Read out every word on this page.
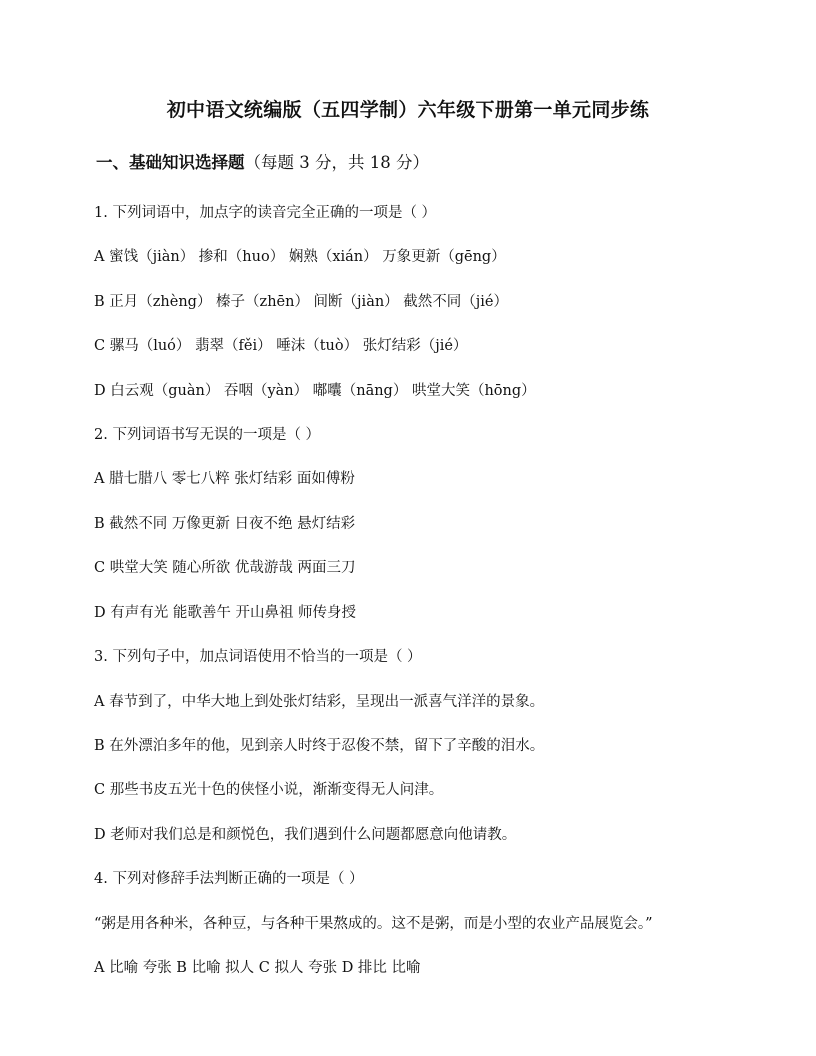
初中语文统编版（五四学制）六年级下册第一单元同步练
一、基础知识选择题（每题 3 分，共 18 分）
1. 下列词语中，加点字的读音完全正确的一项是（ ）
A 蜜饯（jiàn） 掺和（huo） 娴熟（xián） 万象更新（gēng）
B 正月（zhèng） 榛子（zhēn） 间断（jiàn） 截然不同（jié）
C 骡马（luó） 翡翠（fěi） 唾沫（tuò） 张灯结彩（jié）
D 白云观（guàn） 吞咽（yàn） 嘟囔（nāng） 哄堂大笑（hōng）
2. 下列词语书写无误的一项是（ ）
A 腊七腊八 零七八粹 张灯结彩 面如傅粉
B 截然不同 万像更新 日夜不绝 悬灯结彩
C 哄堂大笑 随心所欲 优哉游哉 两面三刀
D 有声有光 能歌善午 开山鼻祖 师传身授
3. 下列句子中，加点词语使用不恰当的一项是（ ）
A 春节到了，中华大地上到处张灯结彩，呈现出一派喜气洋洋的景象。
B 在外漂泊多年的他，见到亲人时终于忍俊不禁，留下了辛酸的泪水。
C 那些书皮五光十色的侠怪小说，渐渐变得无人问津。
D 老师对我们总是和颜悦色，我们遇到什么问题都愿意向他请教。
4. 下列对修辞手法判断正确的一项是（ ）
“粥是用各种米，各种豆，与各种干果熬成的。这不是粥，而是小型的农业产品展览会。”
A 比喻 夸张 B 比喻 拟人 C 拟人 夸张 D 排比 比喻
